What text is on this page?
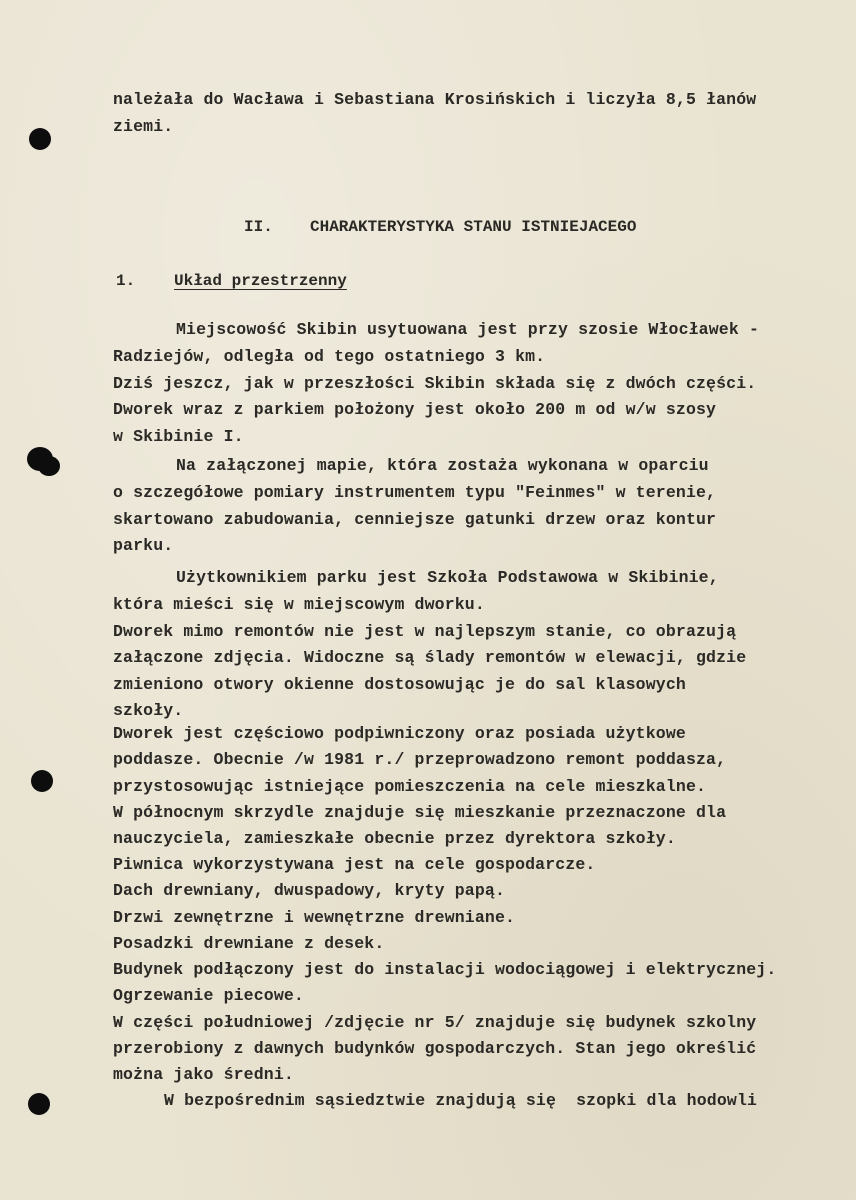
należała do Wacława i Sebastiana Krosińskich i liczyła 8,5 łanów
ziemi.
II. CHARAKTERYSTYKA STANU ISTNIEJACEGO
1. Układ przestrzenny
Miejscowość Skibin usytuowana jest przy szosie Włocławek -
Radziejów, odległa od tego ostatniego 3 km.
Dziś jeszcz, jak w przeszłości Skibin składa się z dwóch części.
Dworek wraz z parkiem położony jest około 200 m od w/w szosy
w Skibinie I.
Na załączonej mapie, która zostaża wykonana w oparciu
o szczegółowe pomiary instrumentem typu "Feinmes" w terenie,
skartowano zabudowania, cenniejsze gatunki drzew oraz kontur
parku.
Użytkownikiem parku jest Szkoła Podstawowa w Skibinie,
która mieści się w miejscowym dworku.
Dworek mimo remontów nie jest w najlepszym stanie, co obrazują
załączone zdjęcia. Widoczne są ślady remontów w elewacji, gdzie
zmieniono otwory okienne dostosowując je do sal klasowych
szkoły.
Dworek jest częściowo podpiwniczony oraz posiada użytkowe
poddasze. Obecnie /w 1981 r./ przeprowadzono remont poddasza,
przystosowując istniejące pomieszczenia na cele mieszkalne.
W północnym skrzydle znajduje się mieszkanie przeznaczone dla
nauczyciela, zamieszkałe obecnie przez dyrektora szkoły.
Piwnica wykorzystywana jest na cele gospodarcze.
Dach drewniany, dwuspadowy, kryty papą.
Drzwi zewnętrzne i wewnętrzne drewniane.
Posadzki drewniane z desek.
Budynek podłączony jest do instalacji wodociągowej i elektrycznej.
Ogrzewanie piecowe.
W części południowej /zdjęcie nr 5/ znajduje się budynek szkolny
przerobiony z dawnych budynków gospodarczych. Stan jego określić
można jako średni.
W bezpośrednim sąsiedztwie znajdują się  szopki dla hodowli
